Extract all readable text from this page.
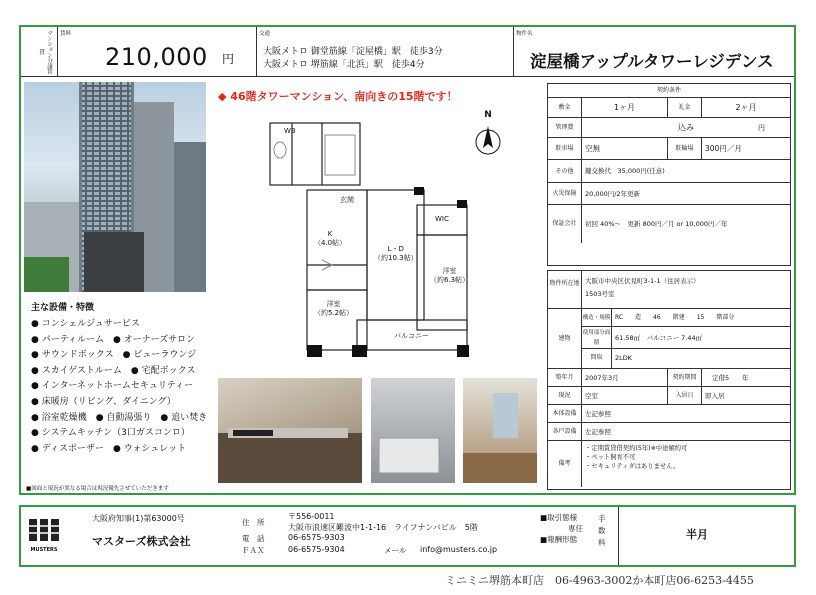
マンション分譲賃貸
賃料
210,000 円
交通
大阪メトロ 御堂筋線「淀屋橋」駅　徒歩3分
大阪メトロ 堺筋線「北浜」駅　徒歩4分
物件名
淀屋橋アップルタワーレジデンス
◆ 46階タワーマンション、南向きの15階です！
WB
玄関
K
（4.0帖）
L・D
（約10.3帖）
WIC
洋室
（約6.3帖）
洋室
（約5.2帖）
バルコニー
N
主な設備・特徴
● コンシェルジュサービス
● パーティルーム　● オーナーズサロン
● サウンドボックス　● ビューラウンジ
● スカイゲストルーム　● 宅配ボックス
● インターネットホームセキュリティー
● 床暖房（リビング、ダイニング）
● 浴室乾燥機　● 自動湯張り　● 追い焚き
● システムキッチン（3口ガスコンロ）
● ディスポーザー　● ウォシュレット
■図面と現況が異なる場合は現況優先させていただきます
契約条件
敷金	1ヶ月	礼金	2ヶ月
管理費	込み	円
駐車場	空無	駐輪場	300円／月
その他	鍵交換代　35,000円(任意)
火災保険	20,000円/2年更新
保証会社	初回 40%〜　更新 800円／月 or 10,000円／年
物件所在地 大阪市中央区伏見町3-1-1（住居表示）
1503号室
建物
構造・規模 RC　　造　　46　　階建　　15　　階部分
使用部分面積
61.58㎡　バルコニー 7.44㎡
間取	2LDK
築年月	2007年3月	契約期間	定借5　　年
現況	空室	入居日	即入居
本体設備	左記参照
各戸設備	左記参照
備考
・定期賃貸借契約(5年)※中途解約可
・ペット飼育不可
・セキュリティダはありません。
MUSTERS
大阪府知事(1)第63000号
マスターズ株式会社
住　所
〒556-0011
大阪市浪速区難波中1-1-16　ライフナンバビル　5階
電　話	06-6575-9303
ＦＡＸ	06-6575-9304	メール info@musters.co.jp
■取引態様
専任
■報酬形態
手数料
半月
ミニミニ堺筋本町店　06-4963-3002か本町店06-6253-4455
